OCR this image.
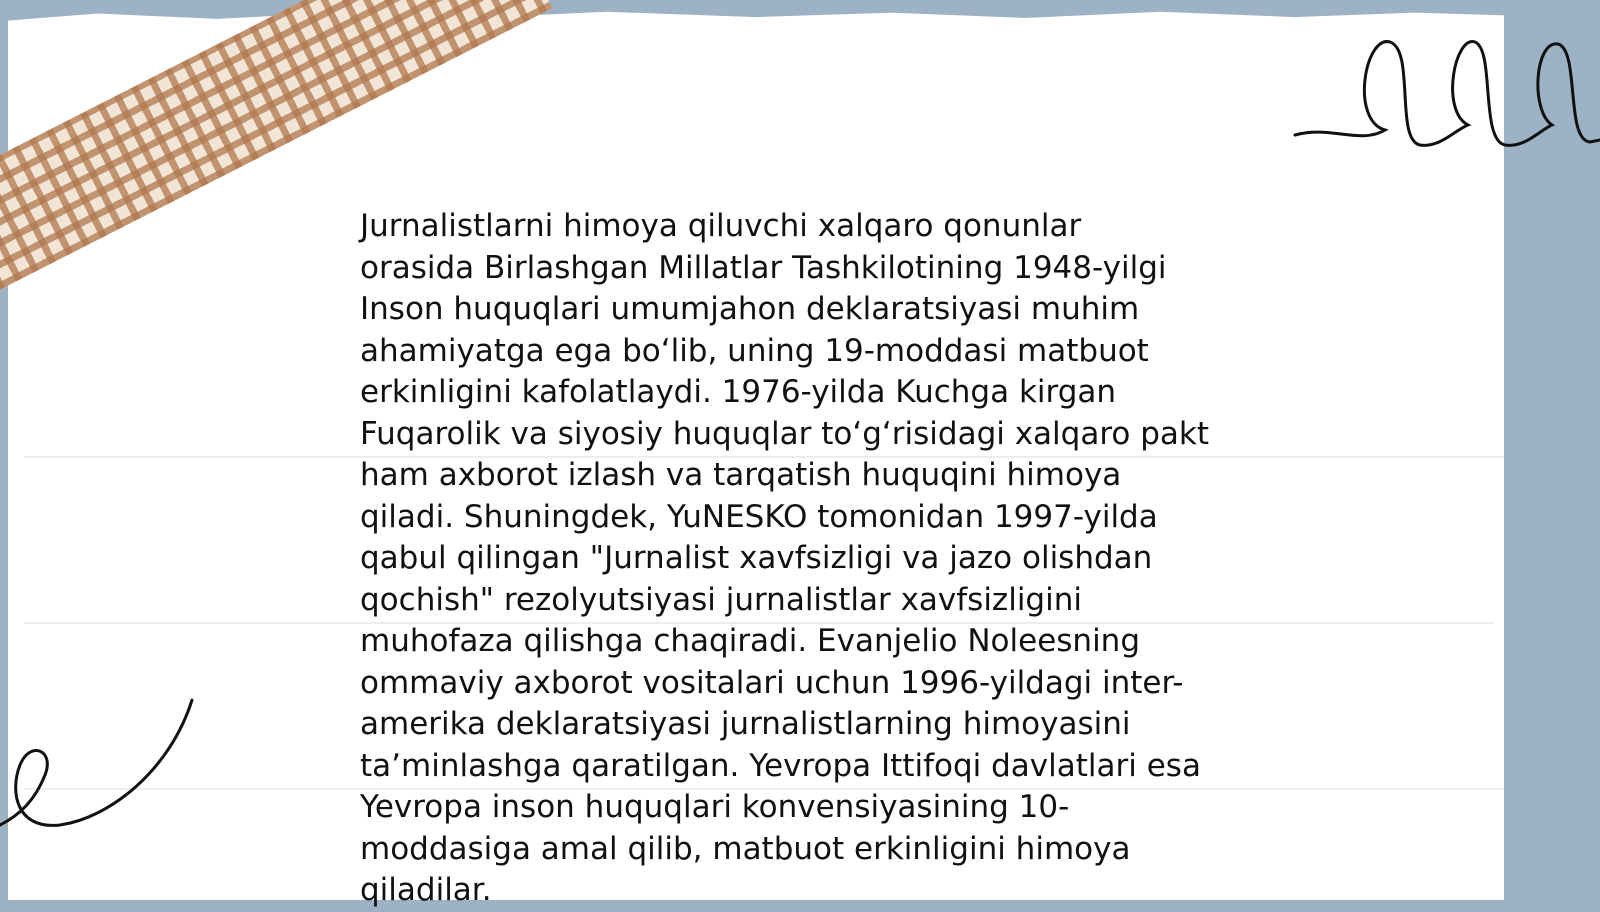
Jurnalistlarni himoya qiluvchi xalqaro qonunlar
orasida Birlashgan Millatlar Tashkilotining 1948-yilgi
Inson huquqlari umumjahon deklaratsiyasi muhim
ahamiyatga ega boʻlib, uning 19-moddasi matbuot
erkinligini kafolatlaydi. 1976-yilda Kuchga kirgan
Fuqarolik va siyosiy huquqlar toʻgʻrisidagi xalqaro pakt
ham axborot izlash va tarqatish huquqini himoya
qiladi. Shuningdek, YuNESKO tomonidan 1997-yilda
qabul qilingan "Jurnalist xavfsizligi va jazo olishdan
qochish" rezolyutsiyasi jurnalistlar xavfsizligini
muhofaza qilishga chaqiradi. Evanjelio Noleesning
ommaviy axborot vositalari uchun 1996-yildagi inter-
amerika deklaratsiyasi jurnalistlarning himoyasini
taʼminlashga qaratilgan. Yevropa Ittifoqi davlatlari esa
Yevropa inson huquqlari konvensiyasining 10-
moddasiga amal qilib, matbuot erkinligini himoya
qiladilar.
